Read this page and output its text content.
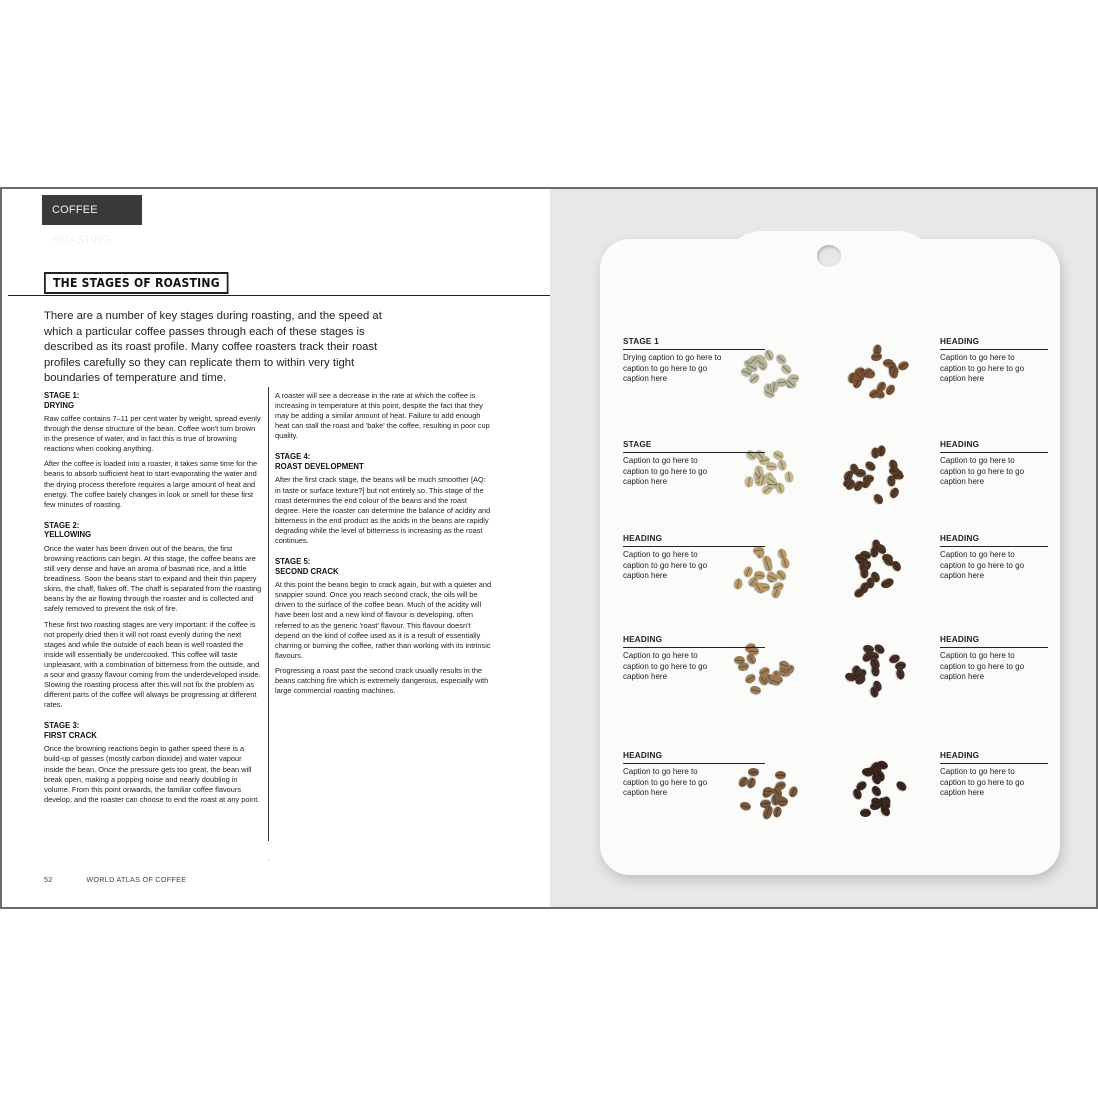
COFFEE ROASTING
THE STAGES OF ROASTING

There are a number of key stages during roasting, and the speed at which a particular coffee passes through each of these stages is described as its roast profile. Many coffee roasters track their roast profiles carefully so they can replicate them to within very tight boundaries of temperature and time.

STAGE 1:
DRYING

Raw coffee contains 7–11 per cent water by weight, spread evenly through the dense structure of the bean. Coffee won't turn brown in the presence of water, and in fact this is true of browning reactions when cooking anything.

After the coffee is loaded into a roaster, it takes some time for the beans to absorb sufficient heat to start evaporating the water and the drying process therefore requires a large amount of heat and energy. The coffee barely changes in look or smell for these first few minutes of roasting.

STAGE 2:
YELLOWING

Once the water has been driven out of the beans, the first browning reactions can begin. At this stage, the coffee beans are still very dense and have an aroma of basmati rice, and a little breadiness. Soon the beans start to expand and their thin papery skins, the chaff, flakes off. The chaff is separated from the roasting beans by the air flowing through the roaster and is collected and safely removed to prevent the risk of fire.

These first two roasting stages are very important: if the coffee is not properly dried then it will not roast evenly during the next stages and while the outside of each bean is well roasted the inside will essentially be undercooked. This coffee will taste unpleasant, with a combination of bitterness from the outside, and a sour and grassy flavour coming from the underdeveloped inside. Slowing the roasting process after this will not fix the problem as different parts of the coffee will always be progressing at different rates.

STAGE 3:
FIRST CRACK

Once the browning reactions begin to gather speed there is a build-up of gasses (mostly carbon dioxide) and water vapour inside the bean. Once the pressure gets too great, the bean will break open, making a popping noise and nearly doubling in volume. From this point onwards, the familiar coffee flavours develop, and the roaster can choose to end the roast at any point.

A roaster will see a decrease in the rate at which the coffee is increasing in temperature at this point, despite the fact that they may be adding a similar amount of heat. Failure to add enough heat can stall the roast and 'bake' the coffee, resulting in poor cup quality.

STAGE 4:
ROAST DEVELOPMENT

After the first crack stage, the beans will be much smoother [AQ: in taste or surface texture?] but not entirely so. This stage of the roast determines the end colour of the beans and the roast degree. Here the roaster can determine the balance of acidity and bitterness in the end product as the acids in the beans are rapidly degrading while the level of bitterness is increasing as the roast continues.

STAGE 5:
SECOND CRACK

At this point the beans begin to crack again, but with a quieter and snappier sound. Once you reach second crack, the oils will be driven to the surface of the coffee bean. Much of the acidity will have been lost and a new kind of flavour is developing, often referred to as the generic 'roast' flavour. This flavour doesn't depend on the kind of coffee used as it is a result of essentially charring or burning the coffee, rather than working with its intrinsic flavours.

Progressing a roast past the second crack usually results in the beans catching fire which is extremely dangerous, especially with large commercial roasting machines.

·
52	WORLD ATLAS OF COFFEE
STAGE 1
Drying caption to go here to caption to go here to go caption here
HEADING
Caption to go here to caption to go here to go caption here
STAGE
Caption to go here to caption to go here to go caption here
HEADING
Caption to go here to caption to go here to go caption here
HEADING
Caption to go here to caption to go here to go caption here
HEADING
Caption to go here to caption to go here to go caption here
HEADING
Caption to go here to caption to go here to go caption here
HEADING
Caption to go here to caption to go here to go caption here
HEADING
Caption to go here to caption to go here to go caption here
HEADING
Caption to go here to caption to go here to go caption here
